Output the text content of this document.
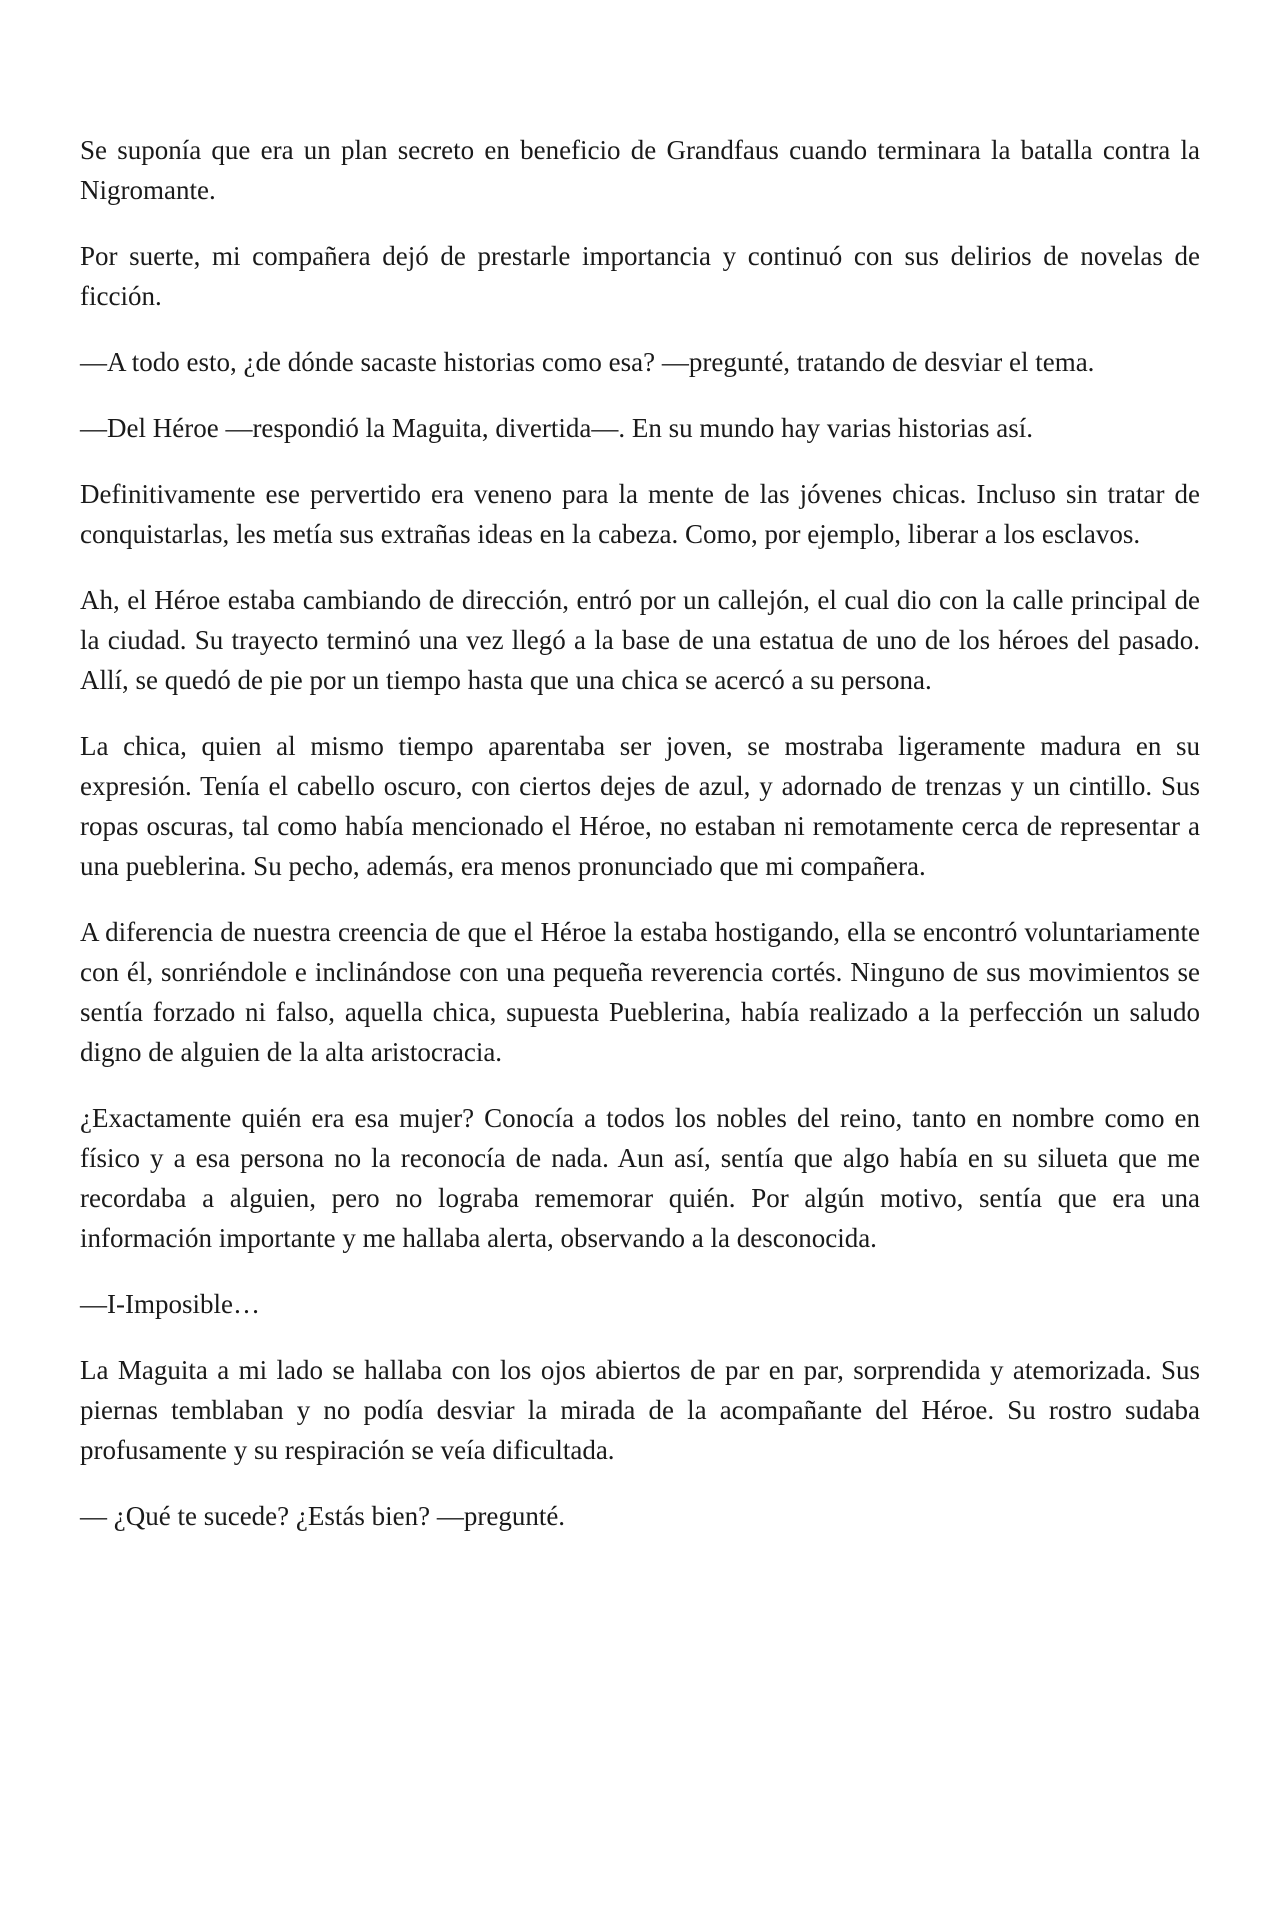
Se suponía que era un plan secreto en beneficio de Grandfaus cuando terminara la batalla contra la Nigromante.

Por suerte, mi compañera dejó de prestarle importancia y continuó con sus delirios de novelas de ficción.

—A todo esto, ¿de dónde sacaste historias como esa? —pregunté, tratando de desviar el tema.

—Del Héroe —respondió la Maguita, divertida—. En su mundo hay varias historias así.

Definitivamente ese pervertido era veneno para la mente de las jóvenes chicas. Incluso sin tratar de conquistarlas, les metía sus extrañas ideas en la cabeza. Como, por ejemplo, liberar a los esclavos.

Ah, el Héroe estaba cambiando de dirección, entró por un callejón, el cual dio con la calle principal de la ciudad. Su trayecto terminó una vez llegó a la base de una estatua de uno de los héroes del pasado. Allí, se quedó de pie por un tiempo hasta que una chica se acercó a su persona.

La chica, quien al mismo tiempo aparentaba ser joven, se mostraba ligeramente madura en su expresión. Tenía el cabello oscuro, con ciertos dejes de azul, y adornado de trenzas y un cintillo. Sus ropas oscuras, tal como había mencionado el Héroe, no estaban ni remotamente cerca de representar a una pueblerina. Su pecho, además, era menos pronunciado que mi compañera.

A diferencia de nuestra creencia de que el Héroe la estaba hostigando, ella se encontró voluntariamente con él, sonriéndole e inclinándose con una pequeña reverencia cortés. Ninguno de sus movimientos se sentía forzado ni falso, aquella chica, supuesta Pueblerina, había realizado a la perfección un saludo digno de alguien de la alta aristocracia.

¿Exactamente quién era esa mujer? Conocía a todos los nobles del reino, tanto en nombre como en físico y a esa persona no la reconocía de nada. Aun así, sentía que algo había en su silueta que me recordaba a alguien, pero no lograba rememorar quién. Por algún motivo, sentía que era una información importante y me hallaba alerta, observando a la desconocida.

—I-Imposible…

La Maguita a mi lado se hallaba con los ojos abiertos de par en par, sorprendida y atemorizada. Sus piernas temblaban y no podía desviar la mirada de la acompañante del Héroe. Su rostro sudaba profusamente y su respiración se veía dificultada.

— ¿Qué te sucede? ¿Estás bien? —pregunté.
